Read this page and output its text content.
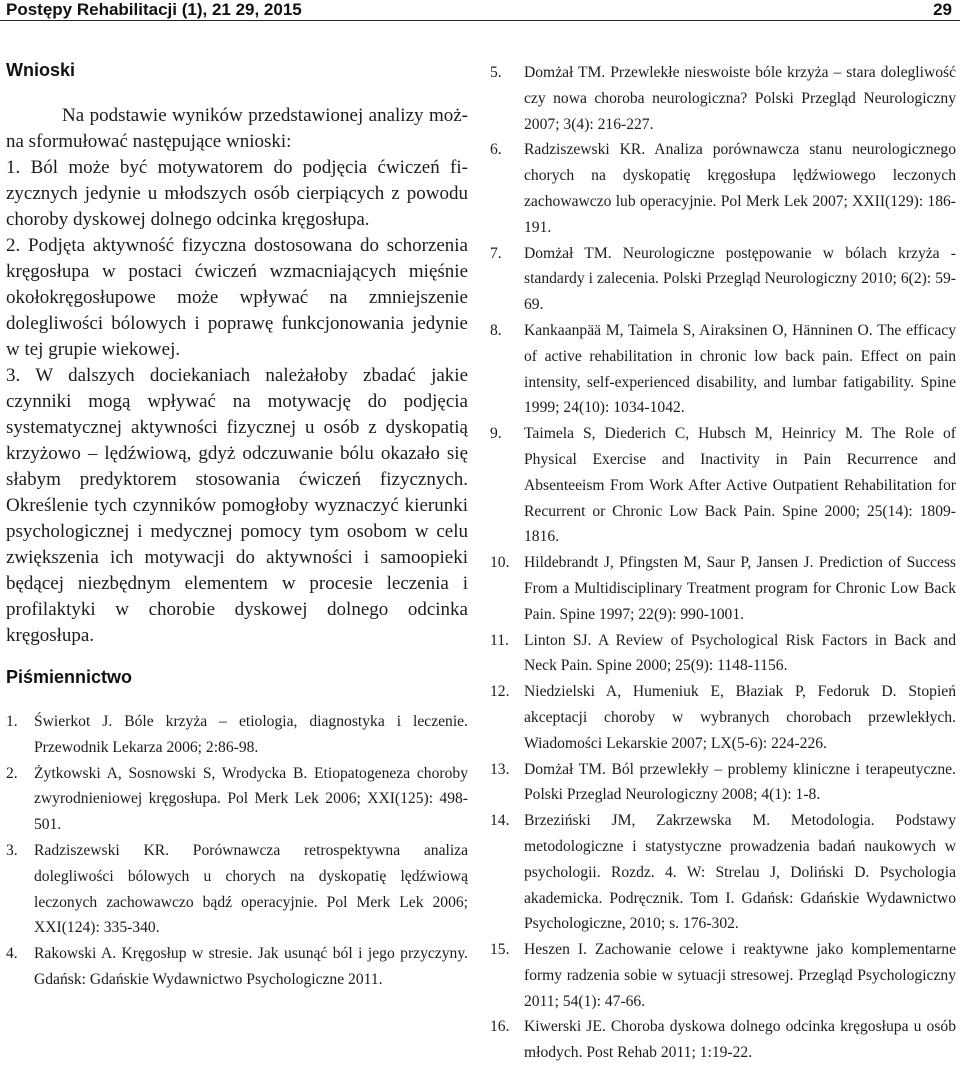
Postępy Rehabilitacji (1), 21 29, 2015	29
Wnioski

Na podstawie wyników przedstawionej analizy można sformułować następujące wnioski:

1. Ból może być motywatorem do podjęcia ćwiczeń fizycznych jedynie u młodszych osób cierpiących z powodu choroby dyskowej dolnego odcinka kręgosłupa.

2. Podjęta aktywność fizyczna dostosowana do schorzenia kręgosłupa w postaci ćwiczeń wzmacniających mięśnie okołokręgosłupowe może wpływać na zmniejszenie dolegliwości bólowych i poprawę funkcjonowania jedynie w tej grupie wiekowej.

3. W dalszych dociekaniach należałoby zbadać jakie czynniki mogą wpływać na motywację do podjęcia systematycznej aktywności fizycznej u osób z dyskopatią krzyżowo – lędźwiową, gdyż odczuwanie bólu okazało się słabym predyktorem stosowania ćwiczeń fizycznych. Określenie tych czynników pomogłoby wyznaczyć kierunki psychologicznej i medycznej pomocy tym osobom w celu zwiększenia ich motywacji do aktywności i samoopieki będącej niezbędnym elementem w procesie leczenia i profilaktyki w chorobie dyskowej dolnego odcinka kręgosłupa.

Piśmiennictwo
1. Świerkot J. Bóle krzyża – etiologia, diagnostyka i leczenie. Przewodnik Lekarza 2006; 2:86-98.
2. Żytkowski A, Sosnowski S, Wrodycka B. Etiopatogeneza choroby zwyrodnieniowej kręgosłupa. Pol Merk Lek 2006; XXI(125): 498-501.
3. Radziszewski KR. Porównawcza retrospektywna analiza dolegliwości bólowych u chorych na dyskopatię lędźwiową leczonych zachowawczo bądź operacyjnie. Pol Merk Lek 2006; XXI(124): 335-340.
4. Rakowski A. Kręgosłup w stresie. Jak usunąć ból i jego przyczyny. Gdańsk: Gdańskie Wydawnictwo Psychologiczne 2011.
5. Domżał TM. Przewlekłe nieswoiste bóle krzyża – stara dolegliwość czy nowa choroba neurologiczna? Polski Przegląd Neurologiczny 2007; 3(4): 216-227.
6. Radziszewski KR. Analiza porównawcza stanu neurologicznego chorych na dyskopatię kręgosłupa lędźwiowego leczonych zachowawczo lub operacyjnie. Pol Merk Lek 2007; XXII(129): 186-191.
7. Domżał TM. Neurologiczne postępowanie w bólach krzyża - standardy i zalecenia. Polski Przegląd Neurologiczny 2010; 6(2): 59-69.
8. Kankaanpää M, Taimela S, Airaksinen O, Hänninen O. The efficacy of active rehabilitation in chronic low back pain. Effect on pain intensity, self-experienced disability, and lumbar fatigability. Spine 1999; 24(10): 1034-1042.
9. Taimela S, Diederich C, Hubsch M, Heinricy M. The Role of Physical Exercise and Inactivity in Pain Recurrence and Absenteeism From Work After Active Outpatient Rehabilitation for Recurrent or Chronic Low Back Pain. Spine 2000; 25(14): 1809-1816.
10. Hildebrandt J, Pfingsten M, Saur P, Jansen J. Prediction of Success From a Multidisciplinary Treatment program for Chronic Low Back Pain. Spine 1997; 22(9): 990-1001.
11. Linton SJ. A Review of Psychological Risk Factors in Back and Neck Pain. Spine 2000; 25(9): 1148-1156.
12. Niedzielski A, Humeniuk E, Błaziak P, Fedoruk D. Stopień akceptacji choroby w wybranych chorobach przewlekłych. Wiadomości Lekarskie 2007; LX(5-6): 224-226.
13. Domżał TM. Ból przewlekły – problemy kliniczne i terapeutyczne. Polski Przeglad Neurologiczny 2008; 4(1): 1-8.
14. Brzeziński JM, Zakrzewska M. Metodologia. Podstawy metodologiczne i statystyczne prowadzenia badań naukowych w psychologii. Rozdz. 4. W: Strelau J, Doliński D. Psychologia akademicka. Podręcznik. Tom I. Gdańsk: Gdańskie Wydawnictwo Psychologiczne, 2010; s. 176-302.
15. Heszen I. Zachowanie celowe i reaktywne jako komplementarne formy radzenia sobie w sytuacji stresowej. Przegląd Psychologiczny 2011; 54(1): 47-66.
16. Kiwerski JE. Choroba dyskowa dolnego odcinka kręgosłupa u osób młodych. Post Rehab 2011; 1:19-22.
